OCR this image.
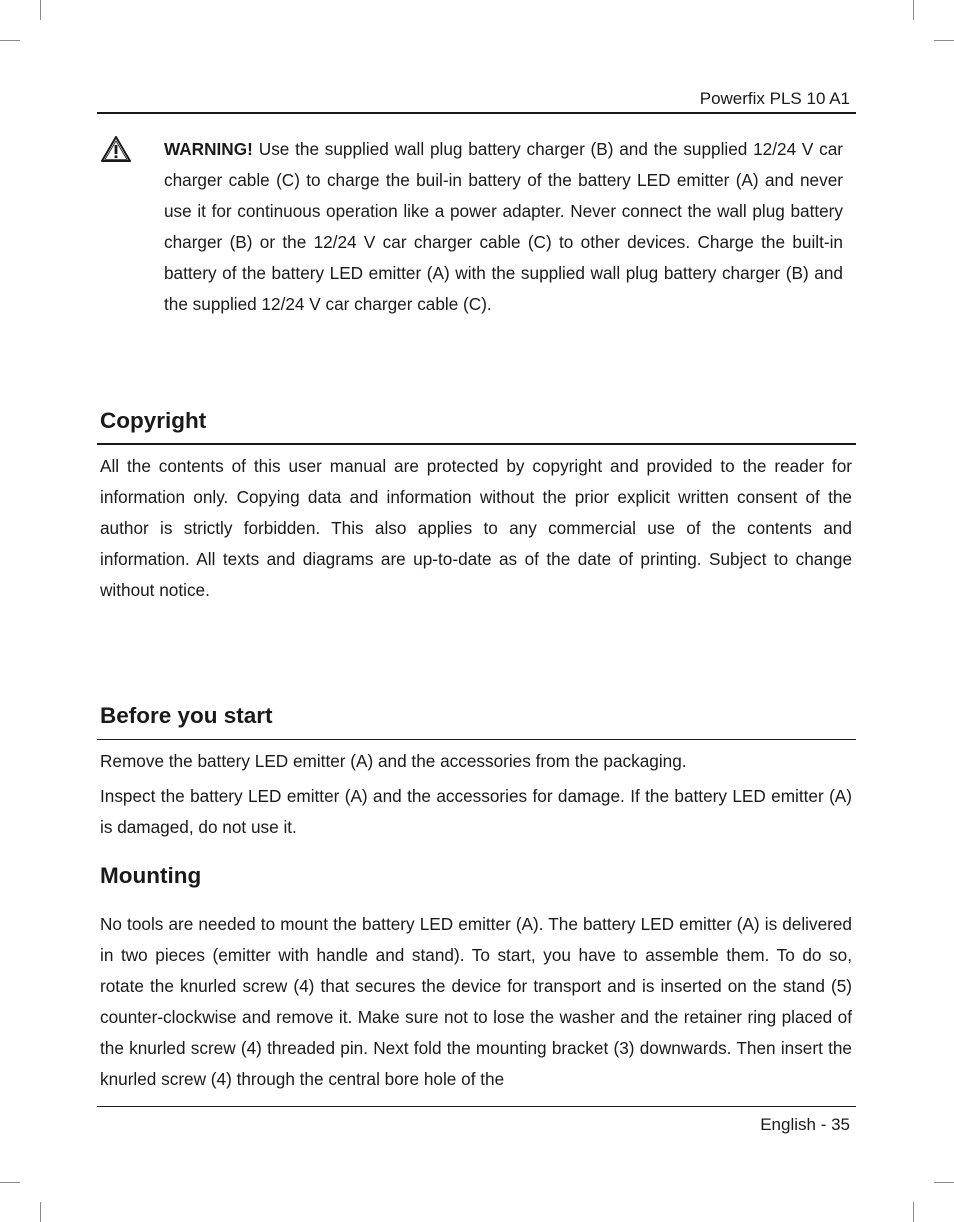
Powerfix PLS 10 A1
WARNING! Use the supplied wall plug battery charger (B) and the supplied 12/24 V car charger cable (C) to charge the buil-in battery of the battery LED emitter (A) and never use it for continuous operation like a power adapter. Never connect the wall plug battery charger (B) or the 12/24 V car charger cable (C) to other devices. Charge the built-in battery of the battery LED emitter (A) with the supplied wall plug battery charger (B) and the supplied 12/24 V car charger cable (C).
Copyright

All the contents of this user manual are protected by copyright and provided to the reader for information only. Copying data and information without the prior explicit written consent of the author is strictly forbidden. This also applies to any commercial use of the contents and information. All texts and diagrams are up-to-date as of the date of printing. Subject to change without notice.

Before you start

Remove the battery LED emitter (A) and the accessories from the packaging.

Inspect the battery LED emitter (A) and the accessories for damage. If the battery LED emitter (A) is damaged, do not use it.

Mounting

No tools are needed to mount the battery LED emitter (A). The battery LED emitter (A) is delivered in two pieces (emitter with handle and stand). To start, you have to assemble them. To do so, rotate the knurled screw (4) that secures the device for transport and is inserted on the stand (5) counter-clockwise and remove it. Make sure not to lose the washer and the retainer ring placed of the knurled screw (4) threaded pin. Next fold the mounting bracket (3) downwards. Then insert the knurled screw (4) through the central bore hole of the

English - 35
